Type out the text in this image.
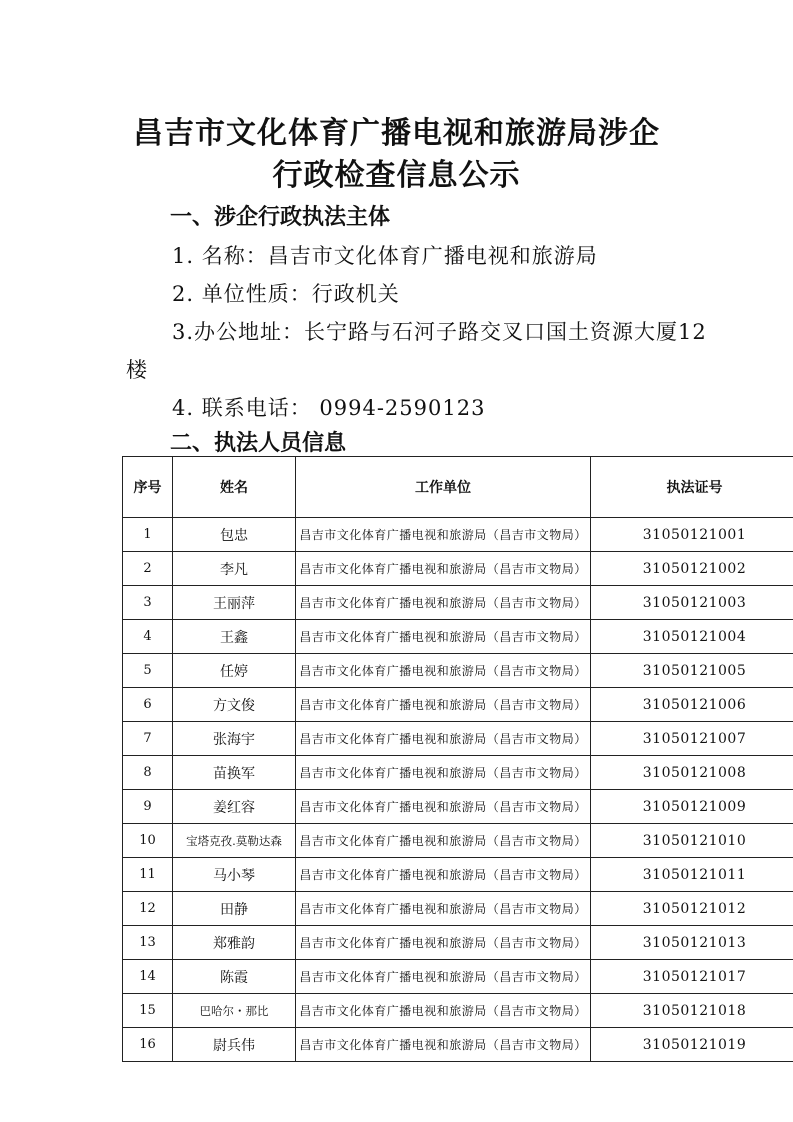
昌吉市文化体育广播电视和旅游局涉企
行政检查信息公示
一、涉企行政执法主体
1. 名称：昌吉市文化体育广播电视和旅游局
2. 单位性质：行政机关
3.办公地址：长宁路与石河子路交叉口国土资源大厦12
楼
4. 联系电话： 0994-2590123
二、执法人员信息
序号	姓名	工作单位	执法证号
1	包忠	昌吉市文化体育广播电视和旅游局（昌吉市文物局）	31050121001
2	李凡	昌吉市文化体育广播电视和旅游局（昌吉市文物局）	31050121002
3	王丽萍	昌吉市文化体育广播电视和旅游局（昌吉市文物局）	31050121003
4	王鑫	昌吉市文化体育广播电视和旅游局（昌吉市文物局）	31050121004
5	任婷	昌吉市文化体育广播电视和旅游局（昌吉市文物局）	31050121005
6	方文俊	昌吉市文化体育广播电视和旅游局（昌吉市文物局）	31050121006
7	张海宇	昌吉市文化体育广播电视和旅游局（昌吉市文物局）	31050121007
8	苗换军	昌吉市文化体育广播电视和旅游局（昌吉市文物局）	31050121008
9	姜红容	昌吉市文化体育广播电视和旅游局（昌吉市文物局）	31050121009
10	宝塔克孜.莫勒达森	昌吉市文化体育广播电视和旅游局（昌吉市文物局）	31050121010
11	马小琴	昌吉市文化体育广播电视和旅游局（昌吉市文物局）	31050121011
12	田静	昌吉市文化体育广播电视和旅游局（昌吉市文物局）	31050121012
13	郑雅韵	昌吉市文化体育广播电视和旅游局（昌吉市文物局）	31050121013
14	陈霞	昌吉市文化体育广播电视和旅游局（昌吉市文物局）	31050121017
15	巴哈尔・那比	昌吉市文化体育广播电视和旅游局（昌吉市文物局）	31050121018
16	尉兵伟	昌吉市文化体育广播电视和旅游局（昌吉市文物局）	31050121019
